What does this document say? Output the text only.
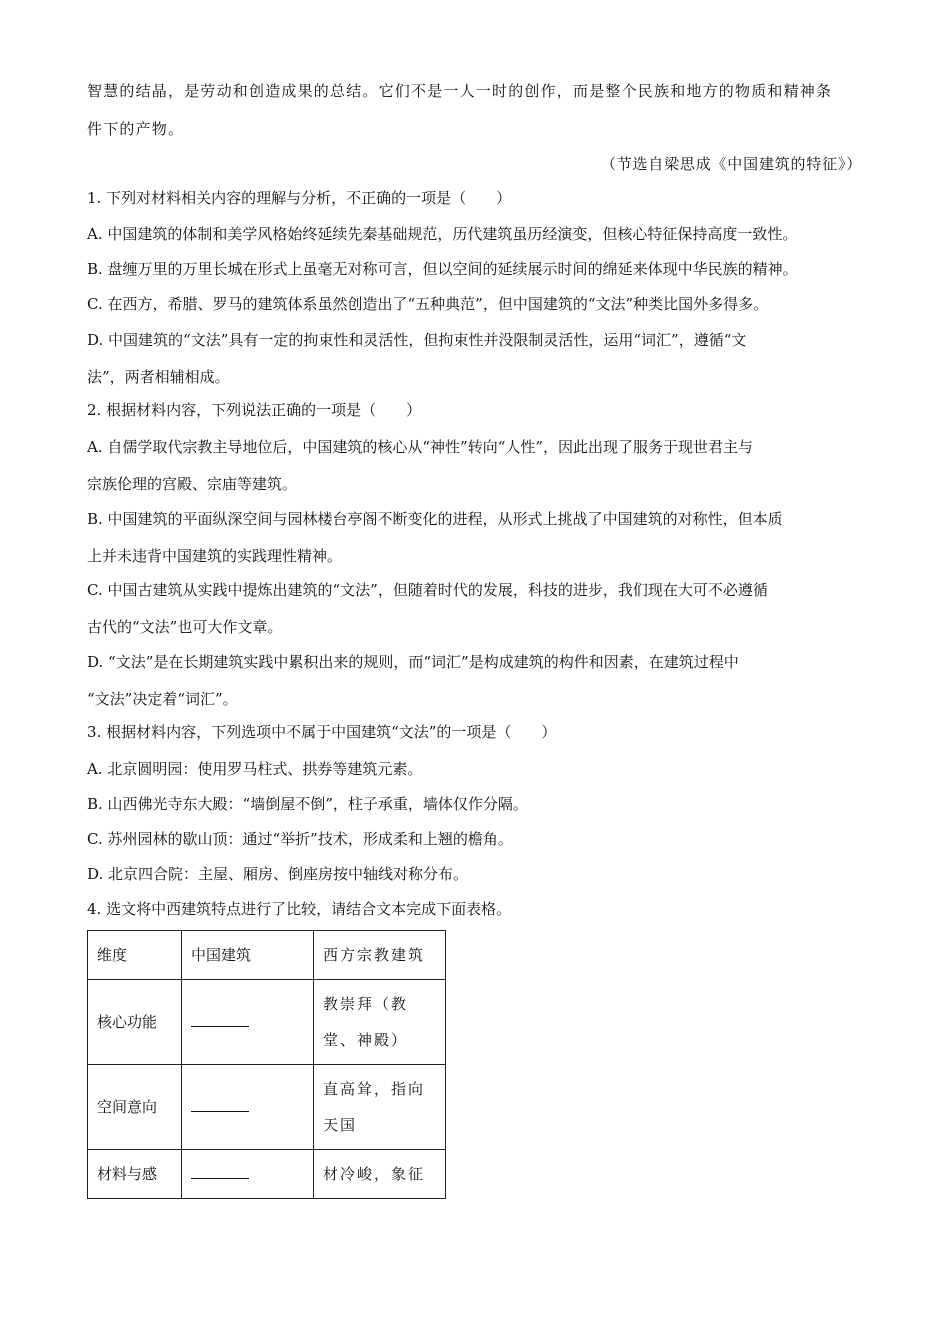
智慧的结晶，是劳动和创造成果的总结。它们不是一人一时的创作，而是整个民族和地方的物质和精神条

件下的产物。

（节选自梁思成《中国建筑的特征》）

1. 下列对材料相关内容的理解与分析，不正确的一项是（　　）

A. 中国建筑的体制和美学风格始终延续先秦基础规范，历代建筑虽历经演变，但核心特征保持高度一致性。

B. 盘缠万里的万里长城在形式上虽毫无对称可言，但以空间的延续展示时间的绵延来体现中华民族的精神。

C. 在西方，希腊、罗马的建筑体系虽然创造出了“五种典范”，但中国建筑的“文法”种类比国外多得多。

D. 中国建筑的“文法”具有一定的拘束性和灵活性，但拘束性并没限制灵活性，运用“词汇”，遵循“文

法”，两者相辅相成。

2. 根据材料内容，下列说法正确的一项是（　　）

A. 自儒学取代宗教主导地位后，中国建筑的核心从“神性”转向“人性”，因此出现了服务于现世君主与

宗族伦理的宫殿、宗庙等建筑。

B. 中国建筑的平面纵深空间与园林楼台亭阁不断变化的进程，从形式上挑战了中国建筑的对称性，但本质

上并未违背中国建筑的实践理性精神。

C. 中国古建筑从实践中提炼出建筑的“文法”，但随着时代的发展，科技的进步，我们现在大可不必遵循

古代的“文法”也可大作文章。

D. “文法”是在长期建筑实践中累积出来的规则，而“词汇”是构成建筑的构件和因素，在建筑过程中

“文法”决定着“词汇”。

3. 根据材料内容，下列选项中不属于中国建筑“文法”的一项是（　　）

A. 北京圆明园：使用罗马柱式、拱券等建筑元素。

B. 山西佛光寺东大殿：“墙倒屋不倒”，柱子承重，墙体仅作分隔。

C. 苏州园林的歇山顶：通过“举折”技术，形成柔和上翘的檐角。

D. 北京四合院：主屋、厢房、倒座房按中轴线对称分布。

4. 选文将中西建筑特点进行了比较，请结合文本完成下面表格。

维度	中国建筑	西方宗教建筑
核心功能		教崇拜（教堂、神殿）
空间意向		直高耸，指向天国
材料与感		材冷峻，象征
